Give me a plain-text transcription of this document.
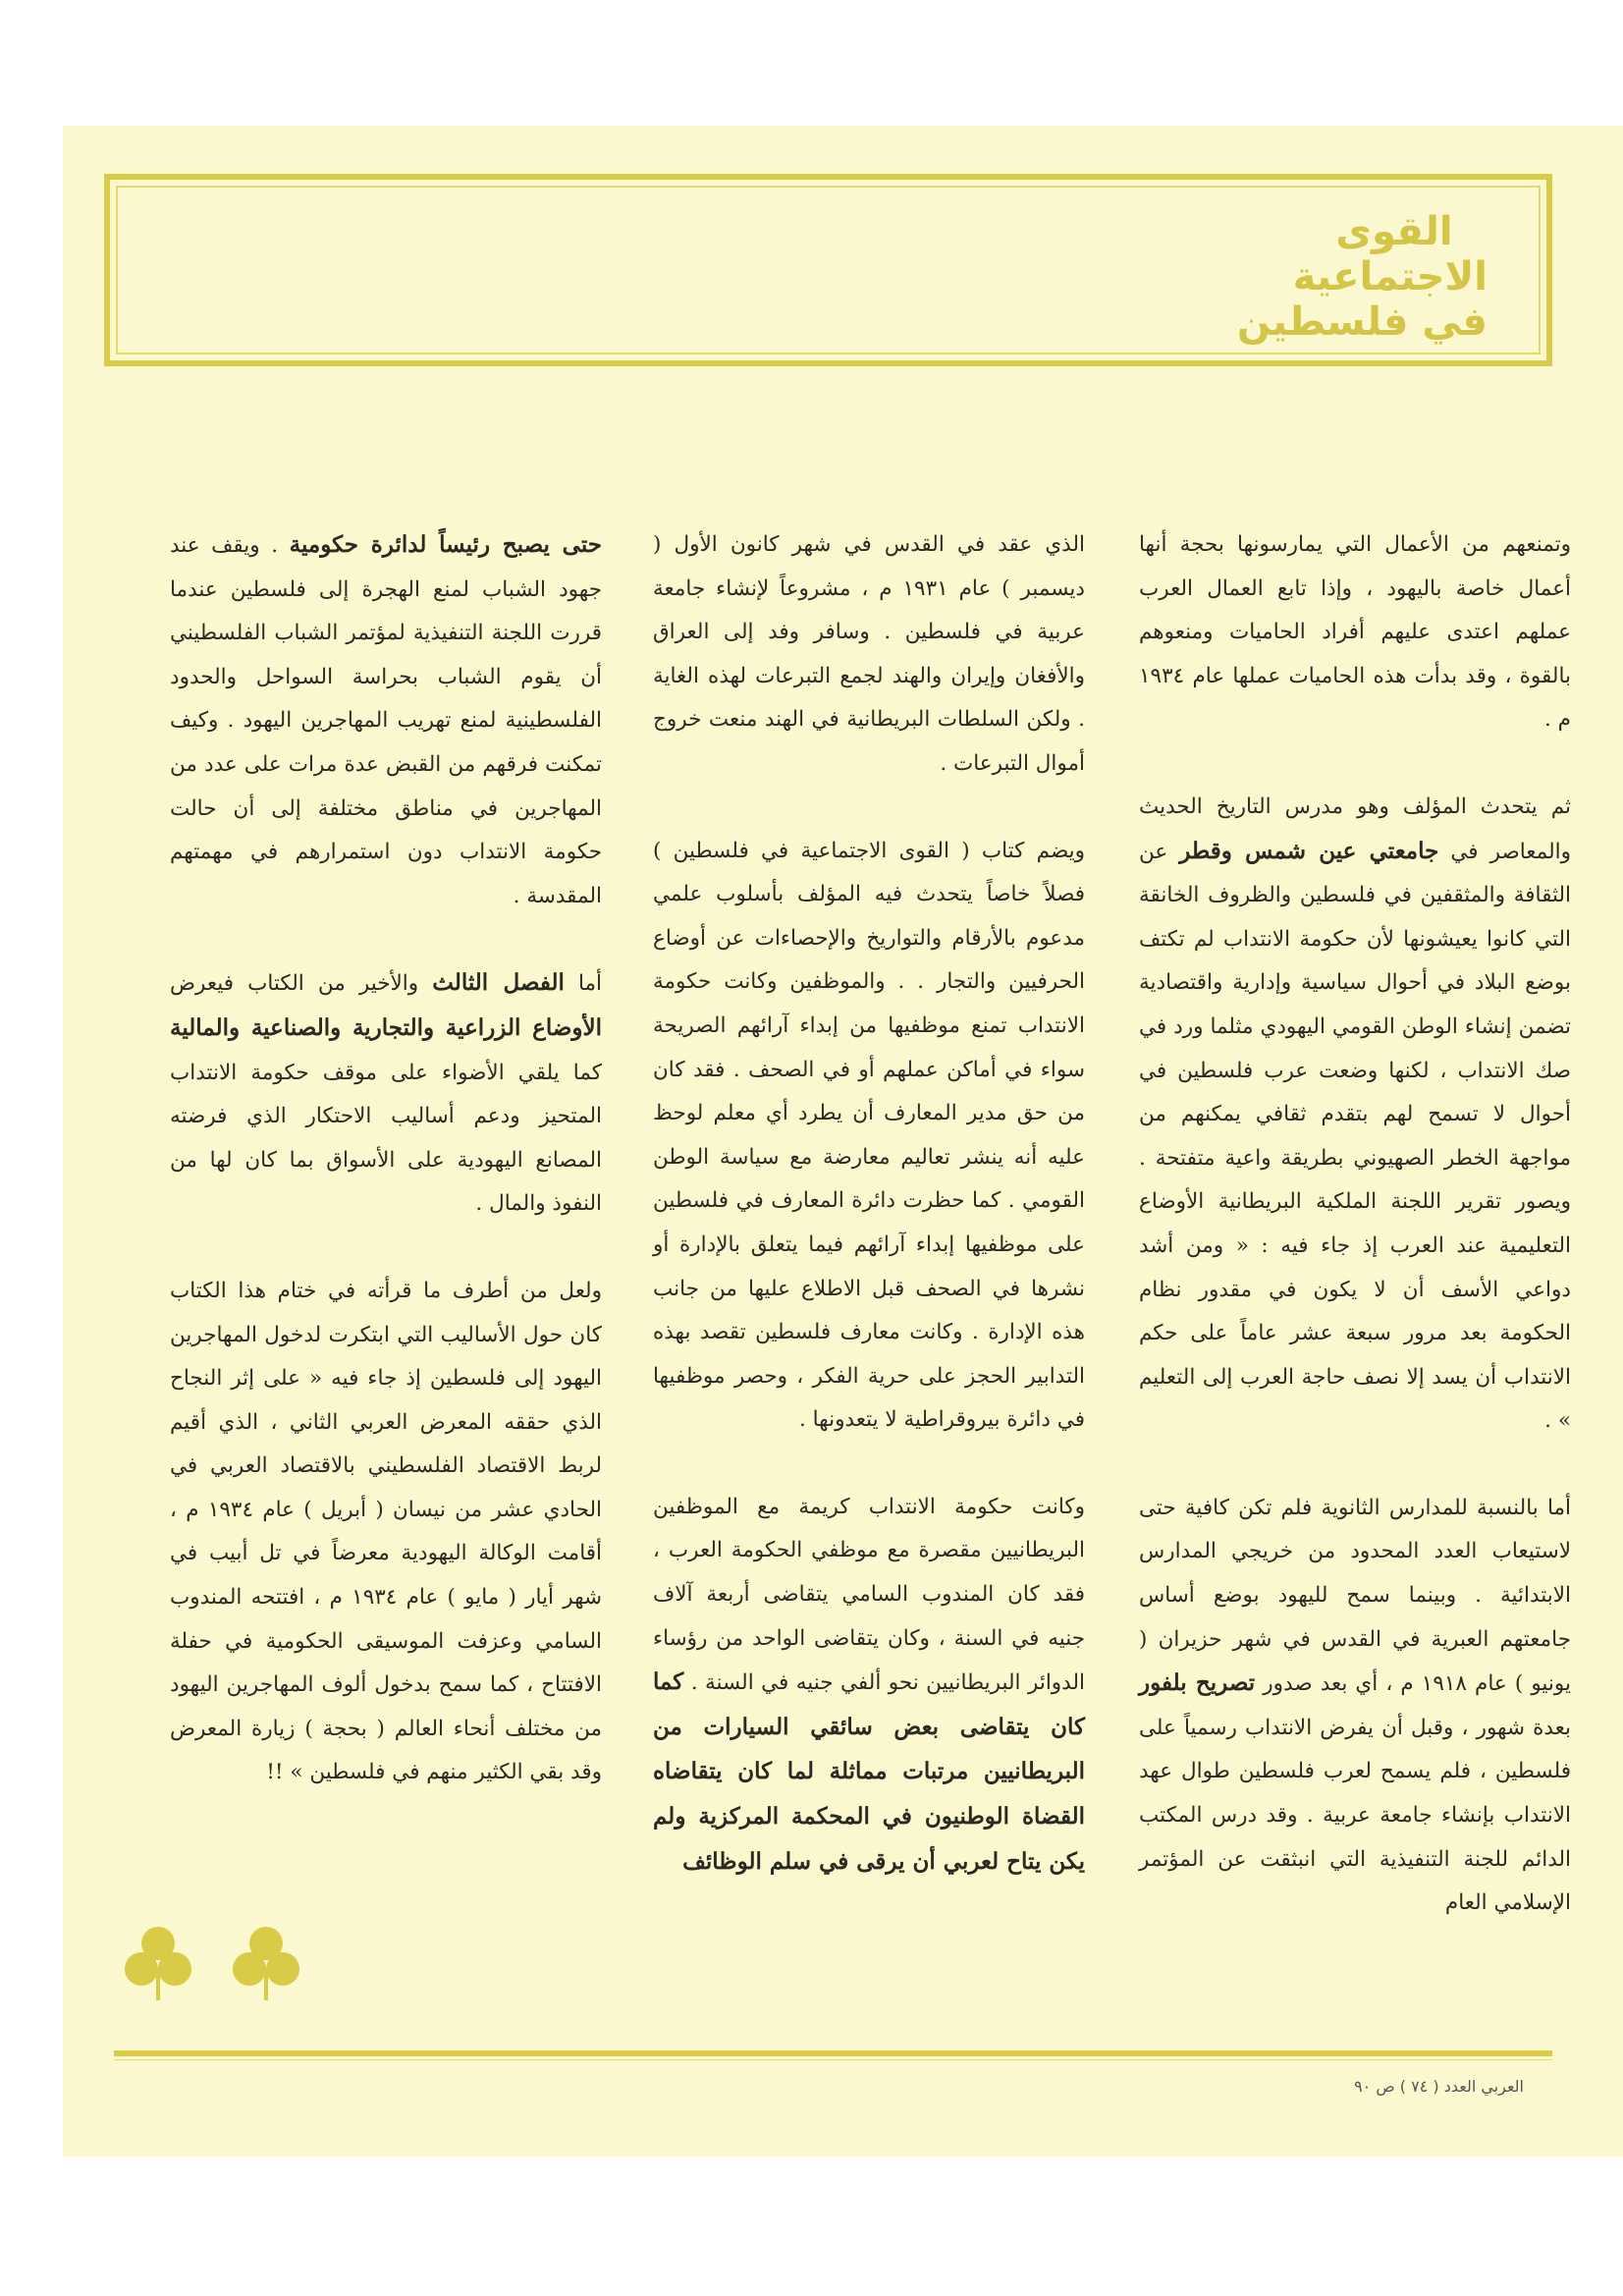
القوى
الاجتماعية
في فلسطين

وتمنعهم من الأعمال التي يمارسونها بحجة أنها أعمال خاصة باليهود ، وإذا تابع العمال العرب عملهم اعتدى عليهم أفراد الحاميات ومنعوهم بالقوة ، وقد بدأت هذه الحاميات عملها عام ١٩٣٤ م .

ثم يتحدث المؤلف وهو مدرس التاريخ الحديث والمعاصر في جامعتي عين شمس وقطر عن الثقافة والمثقفين في فلسطين والظروف الخانقة التي كانوا يعيشونها لأن حكومة الانتداب لم تكتف بوضع البلاد في أحوال سياسية وإدارية واقتصادية تضمن إنشاء الوطن القومي اليهودي مثلما ورد في صك الانتداب ، لكنها وضعت عرب فلسطين في أحوال لا تسمح لهم بتقدم ثقافي يمكنهم من مواجهة الخطر الصهيوني بطريقة واعية متفتحة . ويصور تقرير اللجنة الملكية البريطانية الأوضاع التعليمية عند العرب إذ جاء فيه : « ومن أشد دواعي الأسف أن لا يكون في مقدور نظام الحكومة بعد مرور سبعة عشر عاماً على حكم الانتداب أن يسد إلا نصف حاجة العرب إلى التعليم » .

أما بالنسبة للمدارس الثانوية فلم تكن كافية حتى لاستيعاب العدد المحدود من خريجي المدارس الابتدائية . وبينما سمح لليهود بوضع أساس جامعتهم العبرية في القدس في شهر حزيران ( يونيو ) عام ١٩١٨ م ، أي بعد صدور تصريح بلفور بعدة شهور ، وقبل أن يفرض الانتداب رسمياً على فلسطين ، فلم يسمح لعرب فلسطين طوال عهد الانتداب بإنشاء جامعة عربية . وقد درس المكتب الدائم للجنة التنفيذية التي انبثقت عن المؤتمر الإسلامي العام

الذي عقد في القدس في شهر كانون الأول ( ديسمبر ) عام ١٩٣١ م ، مشروعاً لإنشاء جامعة عربية في فلسطين . وسافر وفد إلى العراق والأفغان وإيران والهند لجمع التبرعات لهذه الغاية . ولكن السلطات البريطانية في الهند منعت خروج أموال التبرعات .

ويضم كتاب ( القوى الاجتماعية في فلسطين ) فصلاً خاصاً يتحدث فيه المؤلف بأسلوب علمي مدعوم بالأرقام والتواريخ والإحصاءات عن أوضاع الحرفيين والتجار . . والموظفين وكانت حكومة الانتداب تمنع موظفيها من إبداء آرائهم الصريحة سواء في أماكن عملهم أو في الصحف . فقد كان من حق مدير المعارف أن يطرد أي معلم لوحظ عليه أنه ينشر تعاليم معارضة مع سياسة الوطن القومي . كما حظرت دائرة المعارف في فلسطين على موظفيها إبداء آرائهم فيما يتعلق بالإدارة أو نشرها في الصحف قبل الاطلاع عليها من جانب هذه الإدارة . وكانت معارف فلسطين تقصد بهذه التدابير الحجز على حرية الفكر ، وحصر موظفيها في دائرة بيروقراطية لا يتعدونها .

وكانت حكومة الانتداب كريمة مع الموظفين البريطانيين مقصرة مع موظفي الحكومة العرب ، فقد كان المندوب السامي يتقاضى أربعة آلاف جنيه في السنة ، وكان يتقاضى الواحد من رؤساء الدوائر البريطانيين نحو ألفي جنيه في السنة . كما كان يتقاضى بعض سائقي السيارات من البريطانيين مرتبات مماثلة لما كان يتقاضاه القضاة الوطنيون في المحكمة المركزية ولم يكن يتاح لعربي أن يرقى في سلم الوظائف

حتى يصبح رئيساً لدائرة حكومية . ويقف عند جهود الشباب لمنع الهجرة إلى فلسطين عندما قررت اللجنة التنفيذية لمؤتمر الشباب الفلسطيني أن يقوم الشباب بحراسة السواحل والحدود الفلسطينية لمنع تهريب المهاجرين اليهود . وكيف تمكنت فرقهم من القبض عدة مرات على عدد من المهاجرين في مناطق مختلفة إلى أن حالت حكومة الانتداب دون استمرارهم في مهمتهم المقدسة .

أما الفصل الثالث والأخير من الكتاب فيعرض الأوضاع الزراعية والتجارية والصناعية والمالية كما يلقي الأضواء على موقف حكومة الانتداب المتحيز ودعم أساليب الاحتكار الذي فرضته المصانع اليهودية على الأسواق بما كان لها من النفوذ والمال .

ولعل من أطرف ما قرأته في ختام هذا الكتاب كان حول الأساليب التي ابتكرت لدخول المهاجرين اليهود إلى فلسطين إذ جاء فيه « على إثر النجاح الذي حققه المعرض العربي الثاني ، الذي أقيم لربط الاقتصاد الفلسطيني بالاقتصاد العربي في الحادي عشر من نيسان ( أبريل ) عام ١٩٣٤ م ، أقامت الوكالة اليهودية معرضاً في تل أبيب في شهر أيار ( مايو ) عام ١٩٣٤ م ، افتتحه المندوب السامي وعزفت الموسيقى الحكومية في حفلة الافتتاح ، كما سمح بدخول ألوف المهاجرين اليهود من مختلف أنحاء العالم ( بحجة ) زيارة المعرض وقد بقي الكثير منهم في فلسطين » !!

العربي العدد ( ٧٤ ) ص ٩٠
